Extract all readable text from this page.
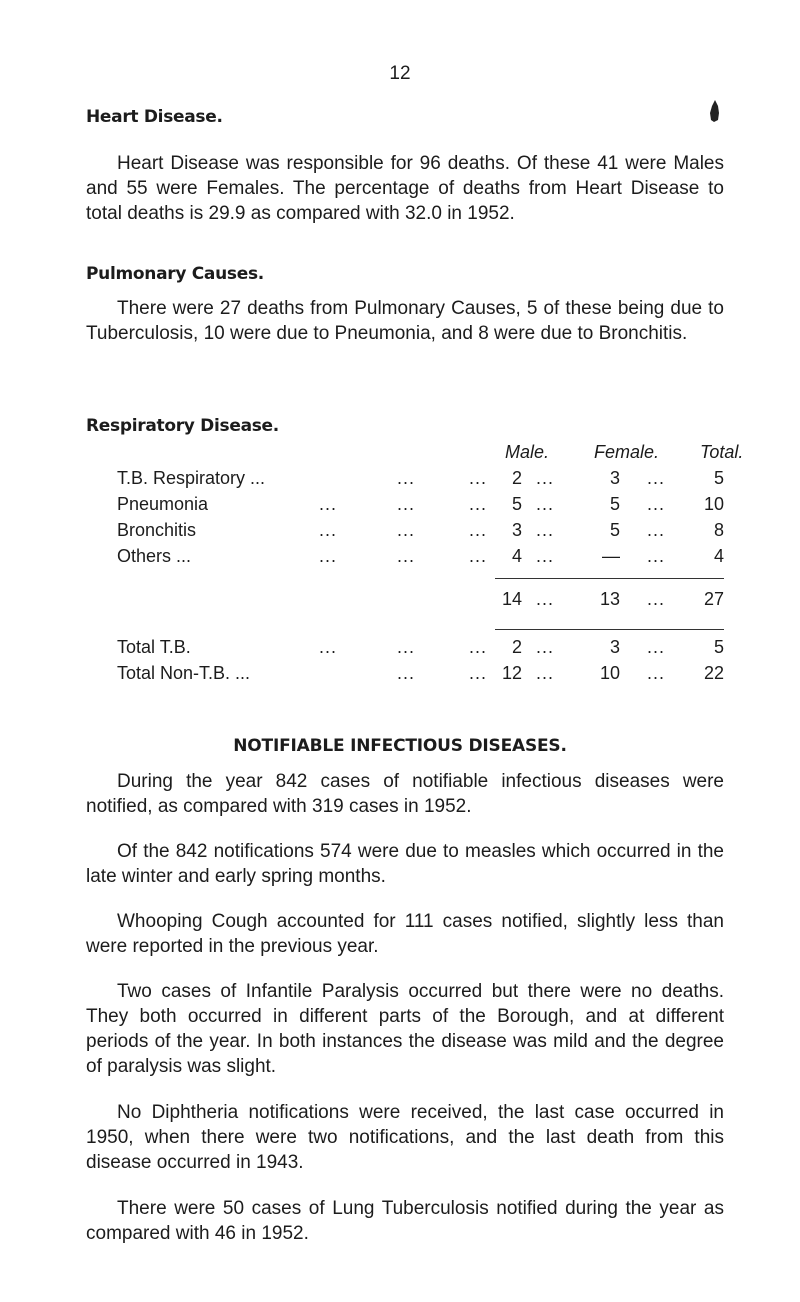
12
Heart Disease.

Heart Disease was responsible for 96 deaths. Of these 41 were Males and 55 were Females. The percentage of deaths from Heart Disease to total deaths is 29.9 as compared with 32.0 in 1952.

Pulmonary Causes.

There were 27 deaths from Pulmonary Causes, 5 of these being due to Tuberculosis, 10 were due to Pneumonia, and 8 were due to Bronchitis.

Respiratory Disease.
Male. Female. Total.
T.B. Respiratory ...	...         ...	2 ...	3 ...	5
Pneumonia	...          ...         ...	5 ...	5 ...	10
Bronchitis	...          ...         ...	3 ...	5 ...	8
Others ...	...          ...         ...	4 ...	— ...	4
14 ...	13 ...	27
Total T.B.	...          ...         ...	2 ...	3 ...	5
Total Non-T.B. ...	...         ... 12 ...	10 ...	22
NOTIFIABLE INFECTIOUS DISEASES.

During the year 842 cases of notifiable infectious diseases were notified, as compared with 319 cases in 1952.

Of the 842 notifications 574 were due to measles which occurred in the late winter and early spring months.

Whooping Cough accounted for 111 cases notified, slightly less than were reported in the previous year.

Two cases of Infantile Paralysis occurred but there were no deaths. They both occurred in different parts of the Borough, and at different periods of the year. In both instances the disease was mild and the degree of paralysis was slight.

No Diphtheria notifications were received, the last case occurred in 1950, when there were two notifications, and the last death from this disease occurred in 1943.

There were 50 cases of Lung Tuberculosis notified during the year as compared with 46 in 1952.
